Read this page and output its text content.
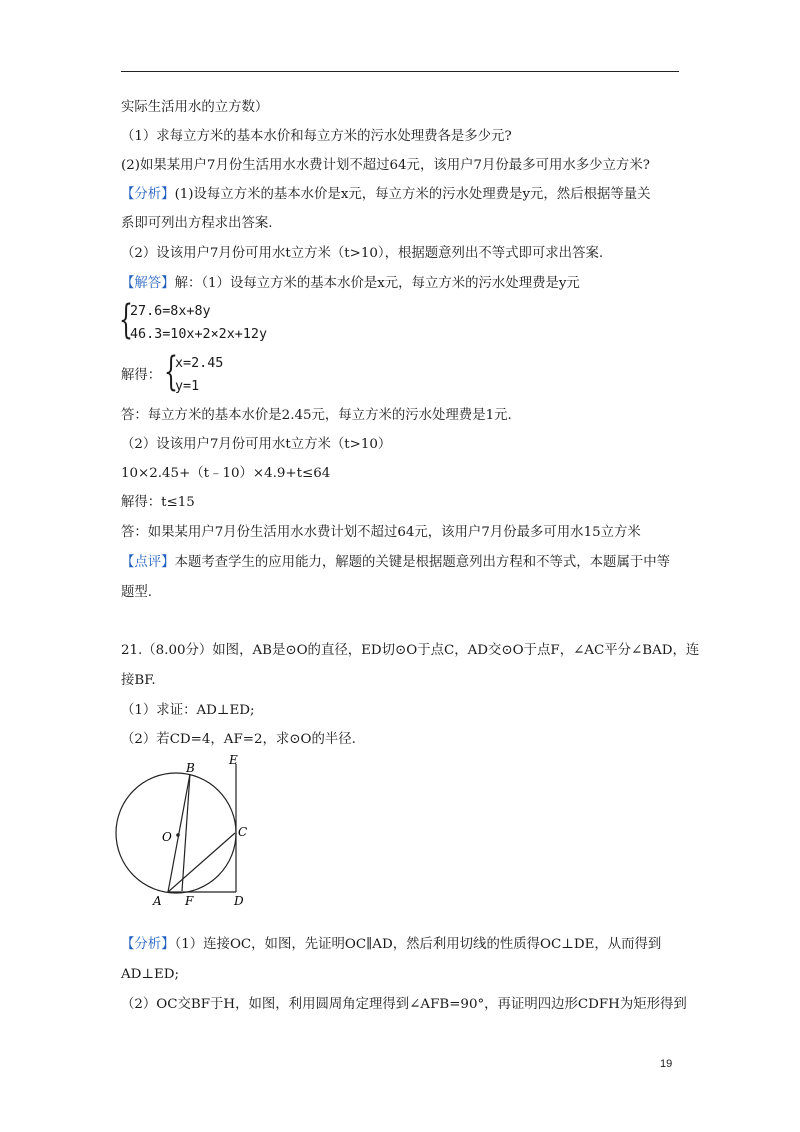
实际生活用水的立方数）
（1）求每立方米的基本水价和每立方米的污水处理费各是多少元?
(2)如果某用户7月份生活用水水费计划不超过64元，该用户7月份最多可用水多少立方米?
【分析】(1)设每立方米的基本水价是x元，每立方米的污水处理费是y元，然后根据等量关
系即可列出方程求出答案.
（2）设该用户7月份可用水t立方米（t>10），根据题意列出不等式即可求出答案.
【解答】解：（1）设每立方米的基本水价是x元，每立方米的污水处理费是y元
{
27.6=8x+8y
46.3=10x+2×2x+12y
解得： {
x=2.45
y=1
答：每立方米的基本水价是2.45元，每立方米的污水处理费是1元.
（2）设该用户7月份可用水t立方米（t>10）
10×2.45+（t﹣10）×4.9+t≤64
解得：t≤15
答：如果某用户7月份生活用水水费计划不超过64元，该用户7月份最多可用水15立方米
【点评】本题考查学生的应用能力，解题的关键是根据题意列出方程和不等式，本题属于中等
题型.
21.（8.00分）如图，AB是⊙O的直径，ED切⊙O于点C，AD交⊙O于点F，∠AC平分∠BAD，连
接BF.
（1）求证：AD⊥ED;
（2）若CD=4，AF=2，求⊙O的半径.
B
E
O	C
A F	D
【分析】（1）连接OC，如图，先证明OC∥AD，然后利用切线的性质得OC⊥DE，从而得到
AD⊥ED;
（2）OC交BF于H，如图，利用圆周角定理得到∠AFB=90°，再证明四边形CDFH为矩形得到
19
